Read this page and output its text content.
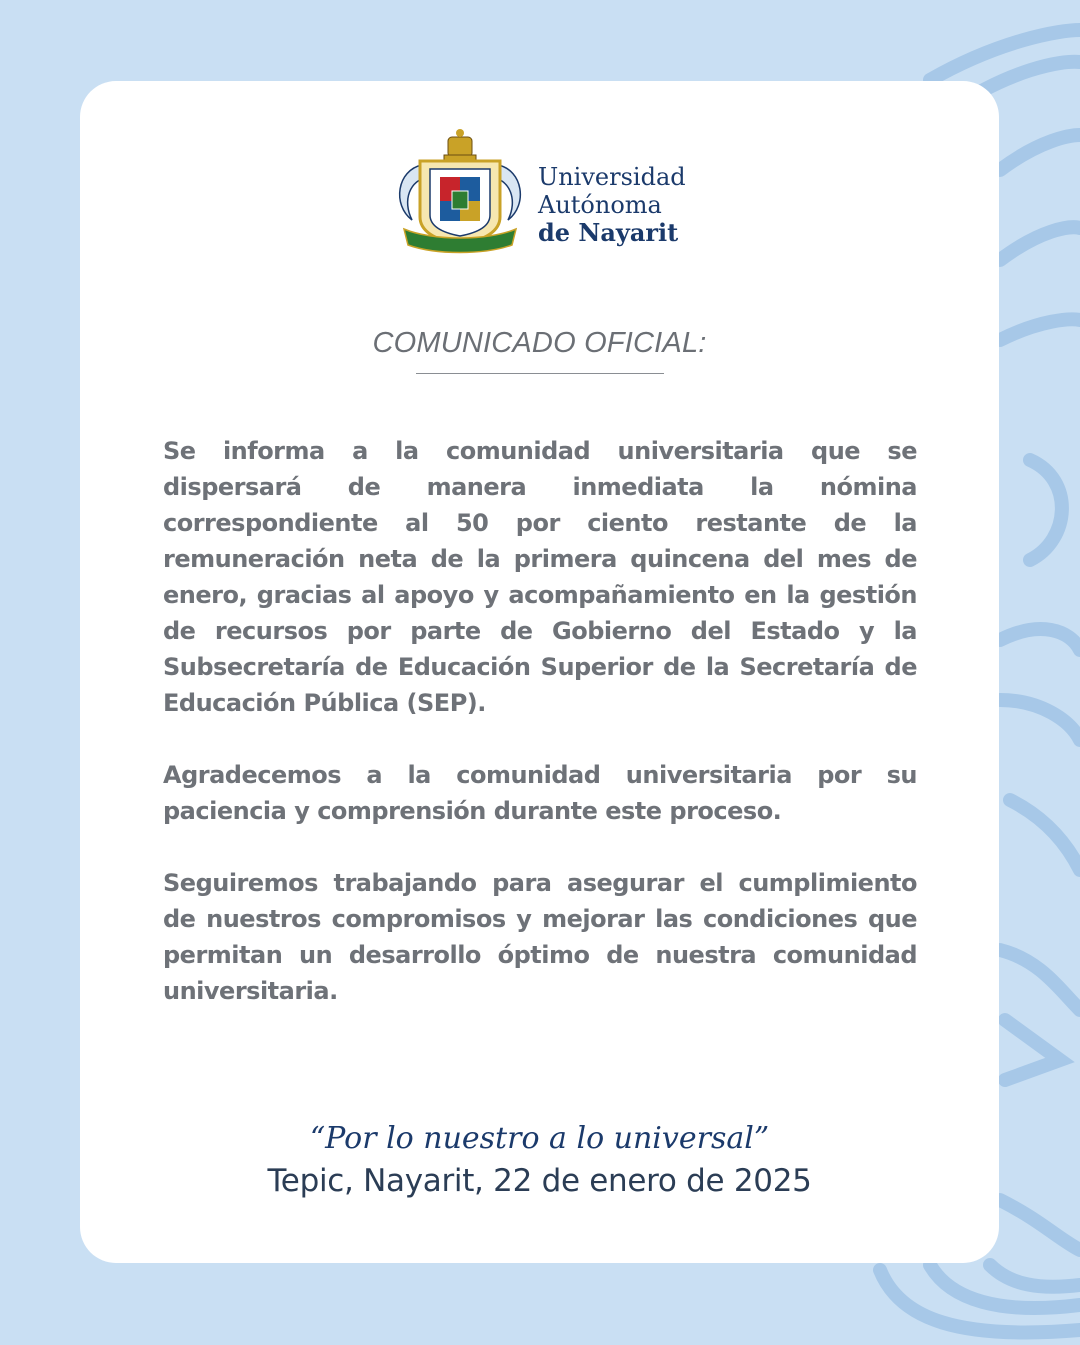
Universidad
Autónoma
de Nayarit
COMUNICADO OFICIAL:

Se informa a la comunidad universitaria que se dispersará de manera inmediata la nómina correspondiente al 50 por ciento restante de la remuneración neta de la primera quincena del mes de enero, gracias al apoyo y acompañamiento en la gestión de recursos por parte de Gobierno del Estado y la Subsecretaría de Educación Superior de la Secretaría de Educación Pública (SEP).

Agradecemos a la comunidad universitaria por su paciencia y comprensión durante este proceso.

Seguiremos trabajando para asegurar el cumplimiento de nuestros compromisos y mejorar las condiciones que permitan un desarrollo óptimo de nuestra comunidad universitaria.

“Por lo nuestro a lo universal”
Tepic, Nayarit, 22 de enero de 2025
